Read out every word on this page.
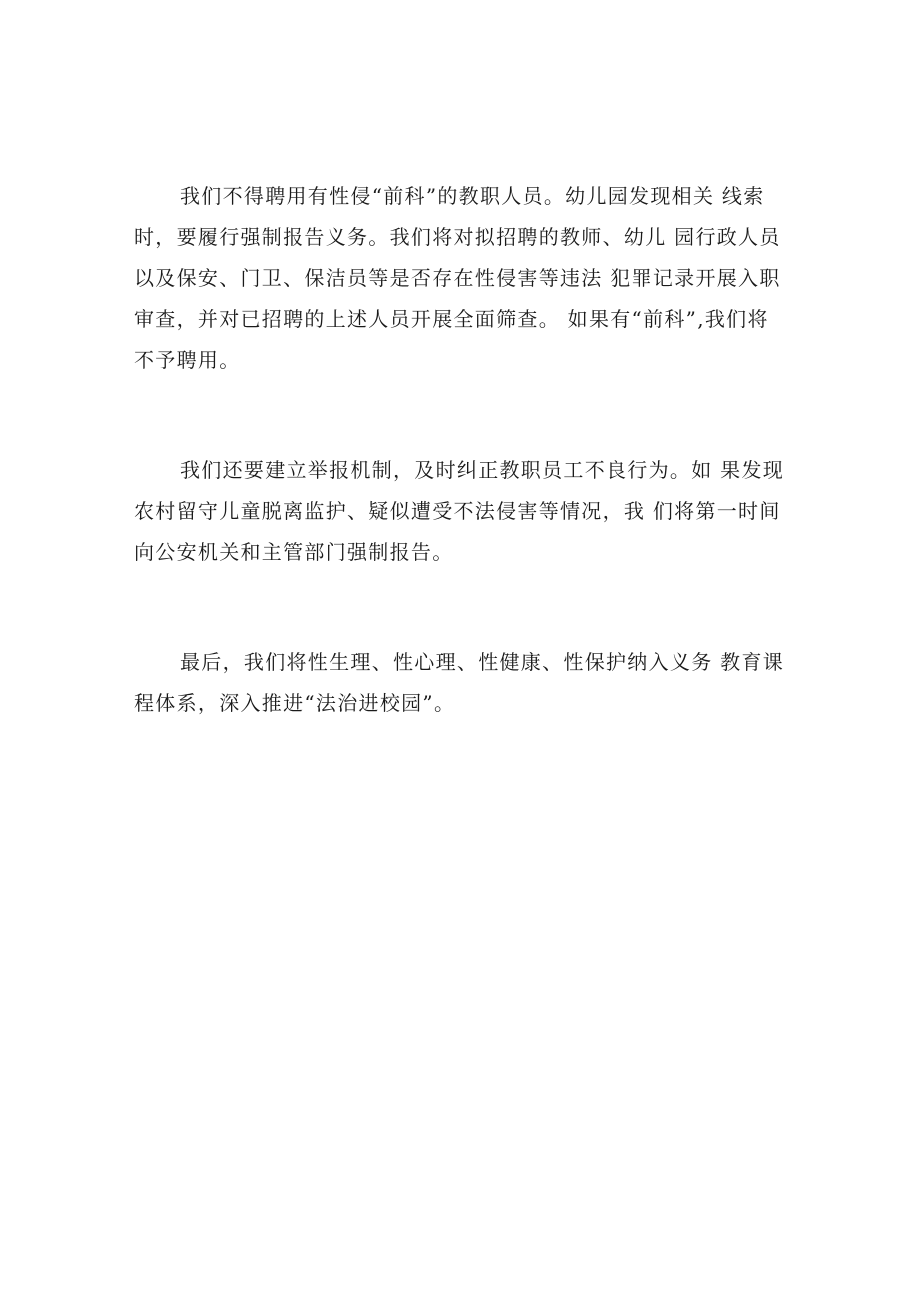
我们不得聘用有性侵“前科”的教职人员。幼儿园发现相关 线索
时，要履行强制报告义务。我们将对拟招聘的教师、幼儿 园行政人员
以及保安、门卫、保洁员等是否存在性侵害等违法 犯罪记录开展入职
审查，并对已招聘的上述人员开展全面筛查。 如果有“前科”,我们将
不予聘用。

我们还要建立举报机制，及时纠正教职员工不良行为。如 果发现
农村留守儿童脱离监护、疑似遭受不法侵害等情况，我 们将第一时间
向公安机关和主管部门强制报告。

最后，我们将性生理、性心理、性健康、性保护纳入义务 教育课
程体系，深入推进“法治进校园”。
